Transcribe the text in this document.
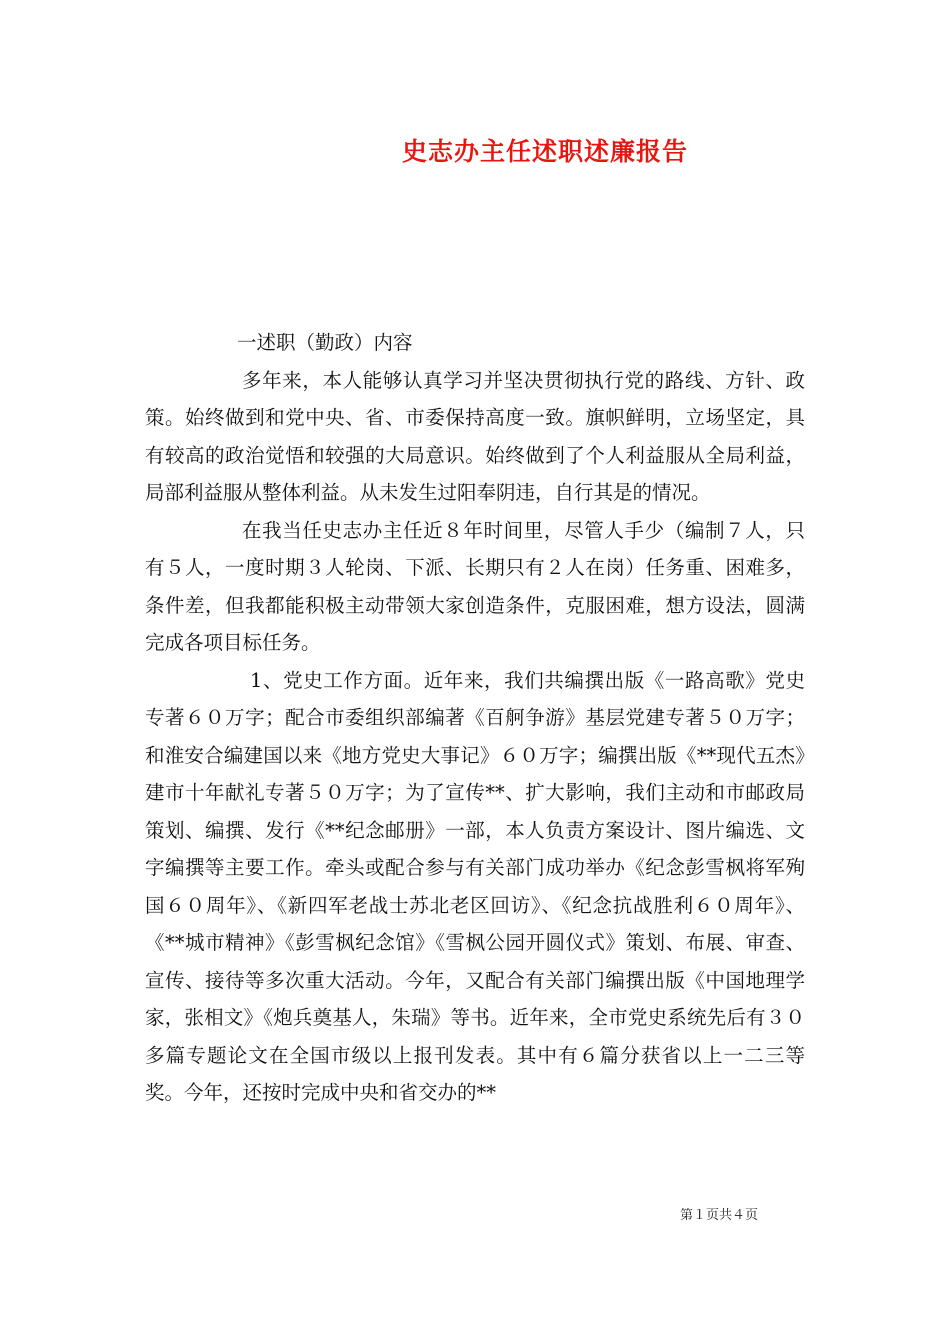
史志办主任述职述廉报告

一述职（勤政）内容

多年来，本人能够认真学习并坚决贯彻执行党的路线、方针、政策。始终做到和党中央、省、市委保持高度一致。旗帜鲜明，立场坚定，具有较高的政治觉悟和较强的大局意识。始终做到了个人利益服从全局利益，局部利益服从整体利益。从未发生过阳奉阴违，自行其是的情况。

在我当任史志办主任近８年时间里，尽管人手少（编制７人，只有５人，一度时期３人轮岗、下派、长期只有２人在岗）任务重、困难多，条件差，但我都能积极主动带领大家创造条件，克服困难，想方设法，圆满完成各项目标任务。

1、党史工作方面。近年来，我们共编撰出版《一路高歌》党史专著６０万字；配合市委组织部编著《百舸争游》基层党建专著５０万字；和淮安合编建国以来《地方党史大事记》６０万字；编撰出版《**现代五杰》建市十年献礼专著５０万字；为了宣传**、扩大影响，我们主动和市邮政局策划、编撰、发行《**纪念邮册》一部，本人负责方案设计、图片编选、文字编撰等主要工作。牵头或配合参与有关部门成功举办《纪念彭雪枫将军殉国６０周年》、《新四军老战士苏北老区回访》、《纪念抗战胜利６０周年》、《**城市精神》《彭雪枫纪念馆》《雪枫公园开圆仪式》策划、布展、审查、宣传、接待等多次重大活动。今年，又配合有关部门编撰出版《中国地理学家，张相文》《炮兵奠基人，朱瑞》等书。近年来，全市党史系统先后有３０多篇专题论文在全国市级以上报刊发表。其中有６篇分获省以上一二三等奖。今年，还按时完成中央和省交办的**

第１页共４页
